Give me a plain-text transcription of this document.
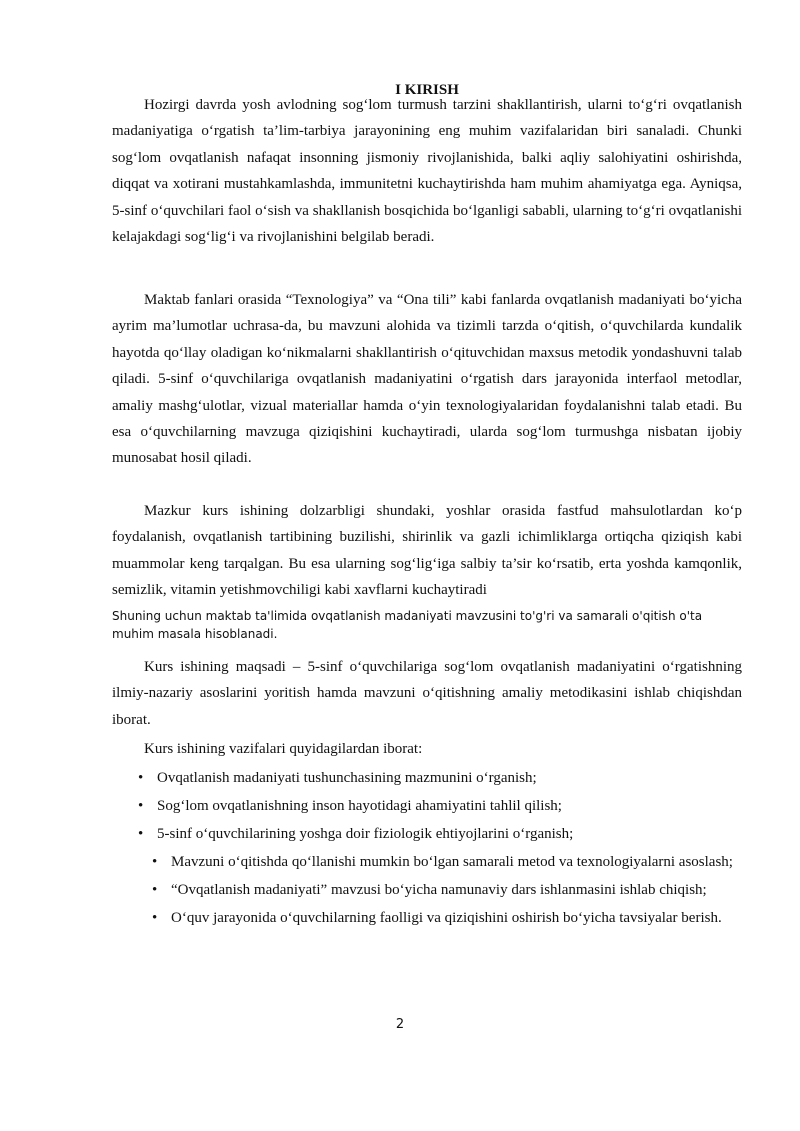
I KIRISH

Hozirgi davrda yosh avlodning sog‘lom turmush tarzini shakllantirish, ularni to‘g‘ri ovqatlanish madaniyatiga o‘rgatish ta’lim-tarbiya jarayonining eng muhim vazifalaridan biri sanaladi. Chunki sog‘lom ovqatlanish nafaqat insonning jismoniy rivojlanishida, balki aqliy salohiyatini oshirishda, diqqat va xotirani mustahkamlashda, immunitetni kuchaytirishda ham muhim ahamiyatga ega. Ayniqsa, 5-sinf o‘quvchilari faol o‘sish va shakllanish bosqichida bo‘lganligi sababli, ularning to‘g‘ri ovqatlanishi kelajakdagi sog‘lig‘i va rivojlanishini belgilab beradi.

Maktab fanlari orasida “Texnologiya” va “Ona tili” kabi fanlarda ovqatlanish madaniyati bo‘yicha ayrim ma’lumotlar uchrasa-da, bu mavzuni alohida va tizimli tarzda o‘qitish, o‘quvchilarda kundalik hayotda qo‘llay oladigan ko‘nikmalarni shakllantirish o‘qituvchidan maxsus metodik yondashuvni talab qiladi. 5-sinf o‘quvchilariga ovqatlanish madaniyatini o‘rgatish dars jarayonida interfaol metodlar, amaliy mashg‘ulotlar, vizual materiallar hamda o‘yin texnologiyalaridan foydalanishni talab etadi. Bu esa o‘quvchilarning mavzuga qiziqishini kuchaytiradi, ularda sog‘lom turmushga nisbatan ijobiy munosabat hosil qiladi.

Mazkur kurs ishining dolzarbligi shundaki, yoshlar orasida fastfud mahsulotlardan ko‘p foydalanish, ovqatlanish tartibining buzilishi, shirinlik va gazli ichimliklarga ortiqcha qiziqish kabi muammolar keng tarqalgan. Bu esa ularning sog‘lig‘iga salbiy ta’sir ko‘rsatib, erta yoshda kamqonlik, semizlik, vitamin yetishmovchiligi kabi xavflarni kuchaytiradi

Shuning uchun maktab ta'limida ovqatlanish madaniyati mavzusini to'g'ri va samarali o'qitish o'ta muhim masala hisoblanadi.

Kurs ishining maqsadi – 5-sinf o‘quvchilariga sog‘lom ovqatlanish madaniyatini o‘rgatishning ilmiy-nazariy asoslarini yoritish hamda mavzuni o‘qitishning amaliy metodikasini ishlab chiqishdan iborat.

Kurs ishining vazifalari quyidagilardan iborat:

• Ovqatlanish madaniyati tushunchasining mazmunini o‘rganish;
• Sog‘lom ovqatlanishning inson hayotidagi ahamiyatini tahlil qilish;
• 5-sinf o‘quvchilarining yoshga doir fiziologik ehtiyojlarini o‘rganish;
• Mavzuni o‘qitishda qo‘llanishi mumkin bo‘lgan samarali metod va texnologiyalarni asoslash;
• “Ovqatlanish madaniyati” mavzusi bo‘yicha namunaviy dars ishlanmasini ishlab chiqish;
• O‘quv jarayonida o‘quvchilarning faolligi va qiziqishini oshirish bo‘yicha tavsiyalar berish.
2
